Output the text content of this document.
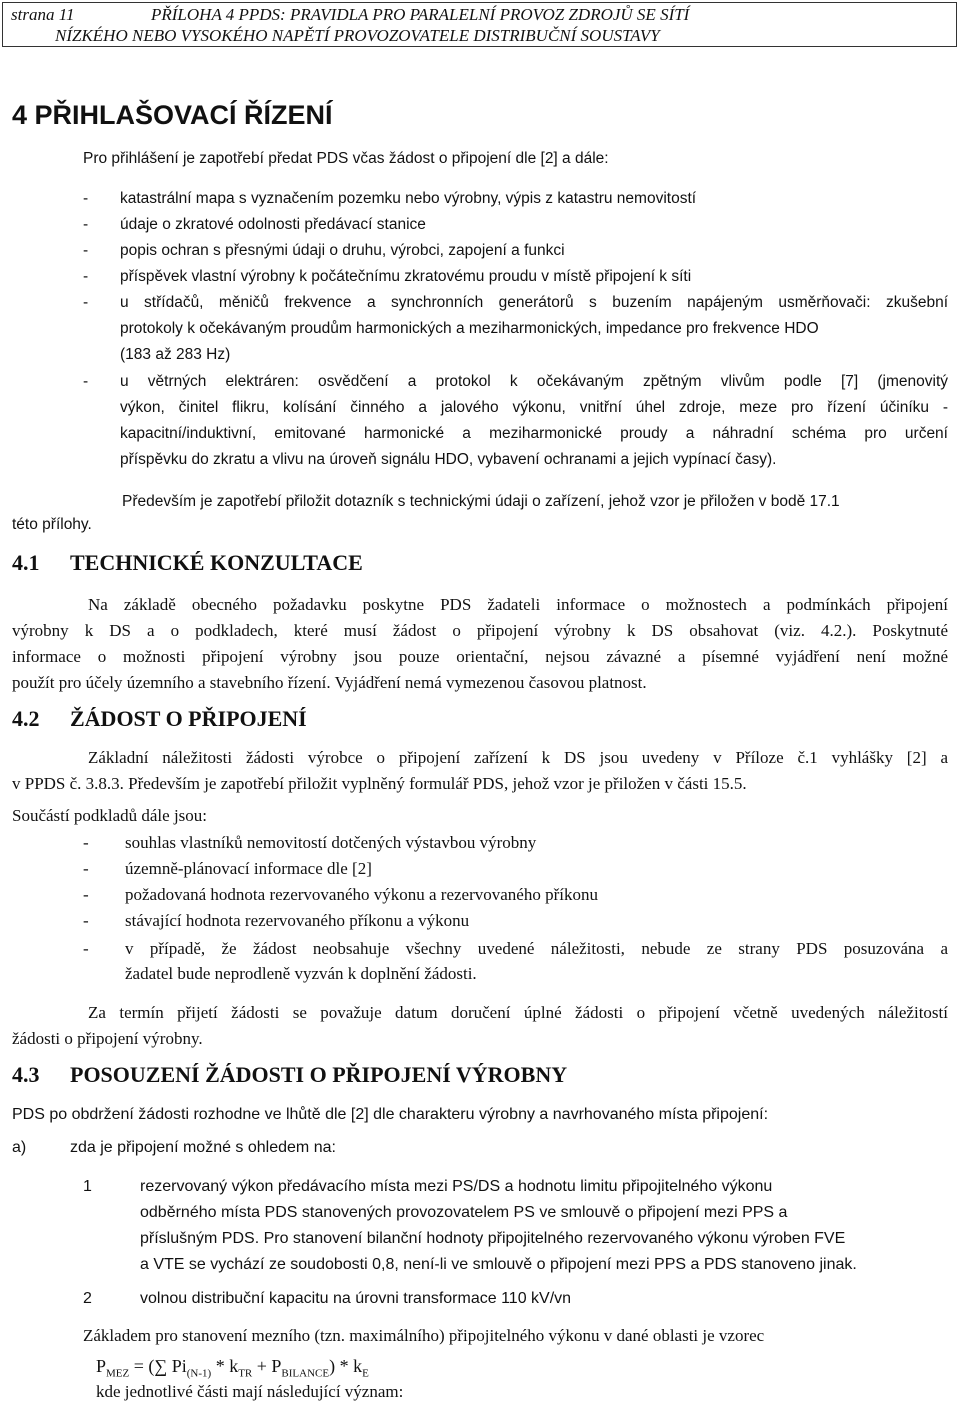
strana 11	PŘÍLOHA 4 PPDS: PRAVIDLA PRO PARALELNÍ PROVOZ ZDROJŮ SE SÍTÍ
NÍZKÉHO NEBO VYSOKÉHO NAPĚTÍ PROVOZOVATELE DISTRIBUČNÍ SOUSTAVY
4 PŘIHLAŠOVACÍ ŘÍZENÍ
Pro přihlášení je zapotřebí předat PDS včas žádost o připojení dle [2] a dále:
- katastrální mapa s vyznačením pozemku nebo výrobny, výpis z katastru nemovitostí
- údaje o zkratové odolnosti předávací stanice
- popis ochran s přesnými údaji o druhu, výrobci, zapojení a funkci
- příspěvek vlastní výrobny k počátečnímu zkratovému proudu v místě připojení k síti
- u střídačů, měničů frekvence a synchronních generátorů s buzením napájeným usměrňovači: zkušební
protokoly k očekávaným proudům harmonických a meziharmonických, impedance pro frekvence HDO
(183 až 283 Hz)
- u větrných elektráren: osvědčení a protokol k očekávaným zpětným vlivům podle [7] (jmenovitý
výkon, činitel flikru, kolísání činného a jalového výkonu, vnitřní úhel zdroje, meze pro řízení účiníku -
kapacitní/induktivní, emitované harmonické a meziharmonické proudy a náhradní schéma pro určení
příspěvku do zkratu a vlivu na úroveň signálu HDO, vybavení ochranami a jejich vypínací časy).
Především je zapotřebí přiložit dotazník s technickými údaji o zařízení, jehož vzor je přiložen v bodě 17.1
této přílohy.
4.1 TECHNICKÉ KONZULTACE
Na základě obecného požadavku poskytne PDS žadateli informace o možnostech a podmínkách připojení
výrobny k DS a o podkladech, které musí žádost o připojení výrobny k DS obsahovat (viz. 4.2.). Poskytnuté
informace o možnosti připojení výrobny jsou pouze orientační, nejsou závazné a písemné vyjádření není možné
použít pro účely územního a stavebního řízení. Vyjádření nemá vymezenou časovou platnost.
4.2 ŽÁDOST O PŘIPOJENÍ
Základní náležitosti žádosti výrobce o připojení zařízení k DS jsou uvedeny v Příloze č.1 vyhlášky [2] a
v PPDS č. 3.8.3. Především je zapotřebí přiložit vyplněný formulář PDS, jehož vzor je přiložen v části 15.5.
Součástí podkladů dále jsou:
- souhlas vlastníků nemovitostí dotčených výstavbou výrobny
- územně-plánovací informace dle [2]
- požadovaná hodnota rezervovaného výkonu a rezervovaného příkonu
- stávající hodnota rezervovaného příkonu a výkonu
- v případě, že žádost neobsahuje všechny uvedené náležitosti, nebude ze strany PDS posuzována a
žadatel bude neprodleně vyzván k doplnění žádosti.
Za termín přijetí žádosti se považuje datum doručení úplné žádosti o připojení včetně uvedených náležitostí
žádosti o připojení výrobny.
4.3 POSOUZENÍ ŽÁDOSTI O PŘIPOJENÍ VÝROBNY
PDS po obdržení žádosti rozhodne ve lhůtě dle [2] dle charakteru výrobny a navrhovaného místa připojení:
a)	zda je připojení možné s ohledem na:
1	rezervovaný výkon předávacího místa mezi PS/DS a hodnotu limitu připojitelného výkonu
odběrného místa PDS stanovených provozovatelem PS ve smlouvě o připojení mezi PPS a
příslušným PDS. Pro stanovení bilanční hodnoty připojitelného rezervovaného výkonu výroben FVE
a VTE se vychází ze soudobosti 0,8, není-li ve smlouvě o připojení mezi PPS a PDS stanoveno jinak.
2	volnou distribuční kapacitu na úrovni transformace 110 kV/vn
Základem pro stanovení mezního (tzn. maximálního) připojitelného výkonu v dané oblasti je vzorec
$P_{MEZ}$ = (∑ $Pi_{(N-1)} * k_{TR} + P_{BILANCE}) * k_E$
kde jednotlivé části mají následující význam:
